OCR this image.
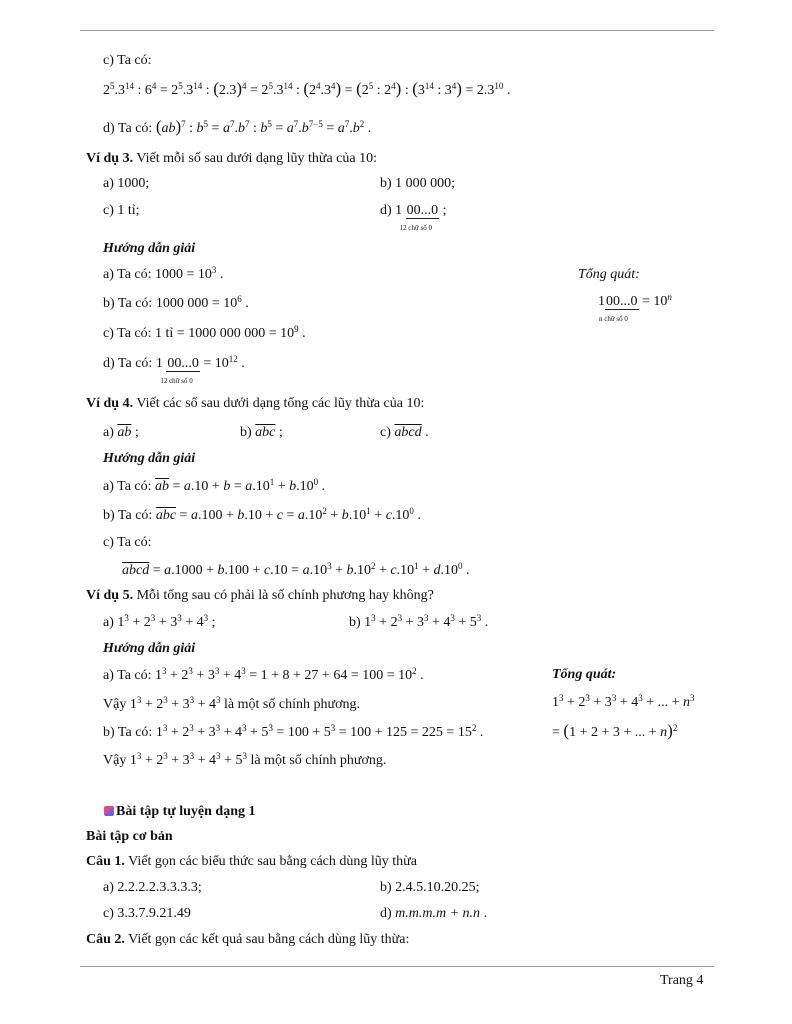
c) Ta có:
$2^5.3^{14}$ : $6^4 = 2^5.3^{14}$ : $(2.3)^4 = 2^5.3^{14}$ : $(2^4.3^4) = (2^5$ : $2^4$) : ($3^{14}$ : $3^4) = 2.3^{10}$ .
d) Ta có: (ab)$^7$ : $b^5 = a^7.b^7$ : $b^5 = a^7.b^{7-5} = a^7.b^2$ .
Ví dụ 3. Viết mỗi số sau dưới dạng lũy thừa của 10:
a) 1000;	b) 1 000 000;
c) 1 tỉ;	d) 1 00...0
12 chữ số 0
;
Hướng dẫn giải
a) Ta có: $1000 = 10^3$ .	Tổng quát:
b) Ta có: 1000 $000 = 10^6$ .	100...0
n chữ số 0
= $10^n$
c) Ta có: 1 tỉ = 1000 000 $000 = 10^9$ .
d) Ta có: 1 00...0
12 chữ số 0
= $10^{12}$ .
Ví dụ 4. Viết các số sau dưới dạng tổng các lũy thừa của 10:
a) $\overline{ab}$ ;	b) $\overline{abc}$ ;	c) abcd .
Hướng dẫn giải
a) Ta có: $\overline{ab} = a.10 + b = a.10^1 + b.10^0$ .
b) Ta có: $\overline{abc} = a.100 + b.10 + c = a.10^2 + b.10^1 + c.10^0$ .
c) Ta có:
abcd = $a.1000 + b.100 + c.10 = a.10^3 + b.10^2 + c.10^1 + d.10^0$ .
Ví dụ 5. Mỗi tổng sau có phải là số chính phương hay không?
a) $1^3 + 2^3 + 3^3 + 4^3$ ;	b) $1^3 + 2^3 + 3^3 + 4^3 + 5^3$ .
Hướng dẫn giải
a) Ta có: $1^3 + 2^3 + 3^3 + 4^3 = 1 + 8 + 27 + 64 = 100 = 10^2$ .	Tổng quát:
Vậy $1^3 + 2^3 + 3^3 + 4^3$ là một số chính phương.	$1^3 + 2^3 + 3^3 + 4^3$ + ... + $n^3$
b) Ta có: $1^3 + 2^3 + 3^3 + 4^3 + 5^3 = 100 + 5^3 = 100 + 125 = 225 = 15^2$ .	= (1 + 2 + 3 + ... + n)$^2$
Vậy $1^3 + 2^3 + 3^3 + 4^3 + 5^3$ là một số chính phương.
Bài tập tự luyện dạng 1
Bài tập cơ bản
Câu 1. Viết gọn các biểu thức sau bằng cách dùng lũy thừa
a) 2.2.2.2.3.3.3.3;	b) 2.4.5.10.20.25;
c) 3.3.7.9.21.49	d) m.m.m.m + n.n .
Câu 2. Viết gọn các kết quả sau bằng cách dùng lũy thừa:
Trang 4
